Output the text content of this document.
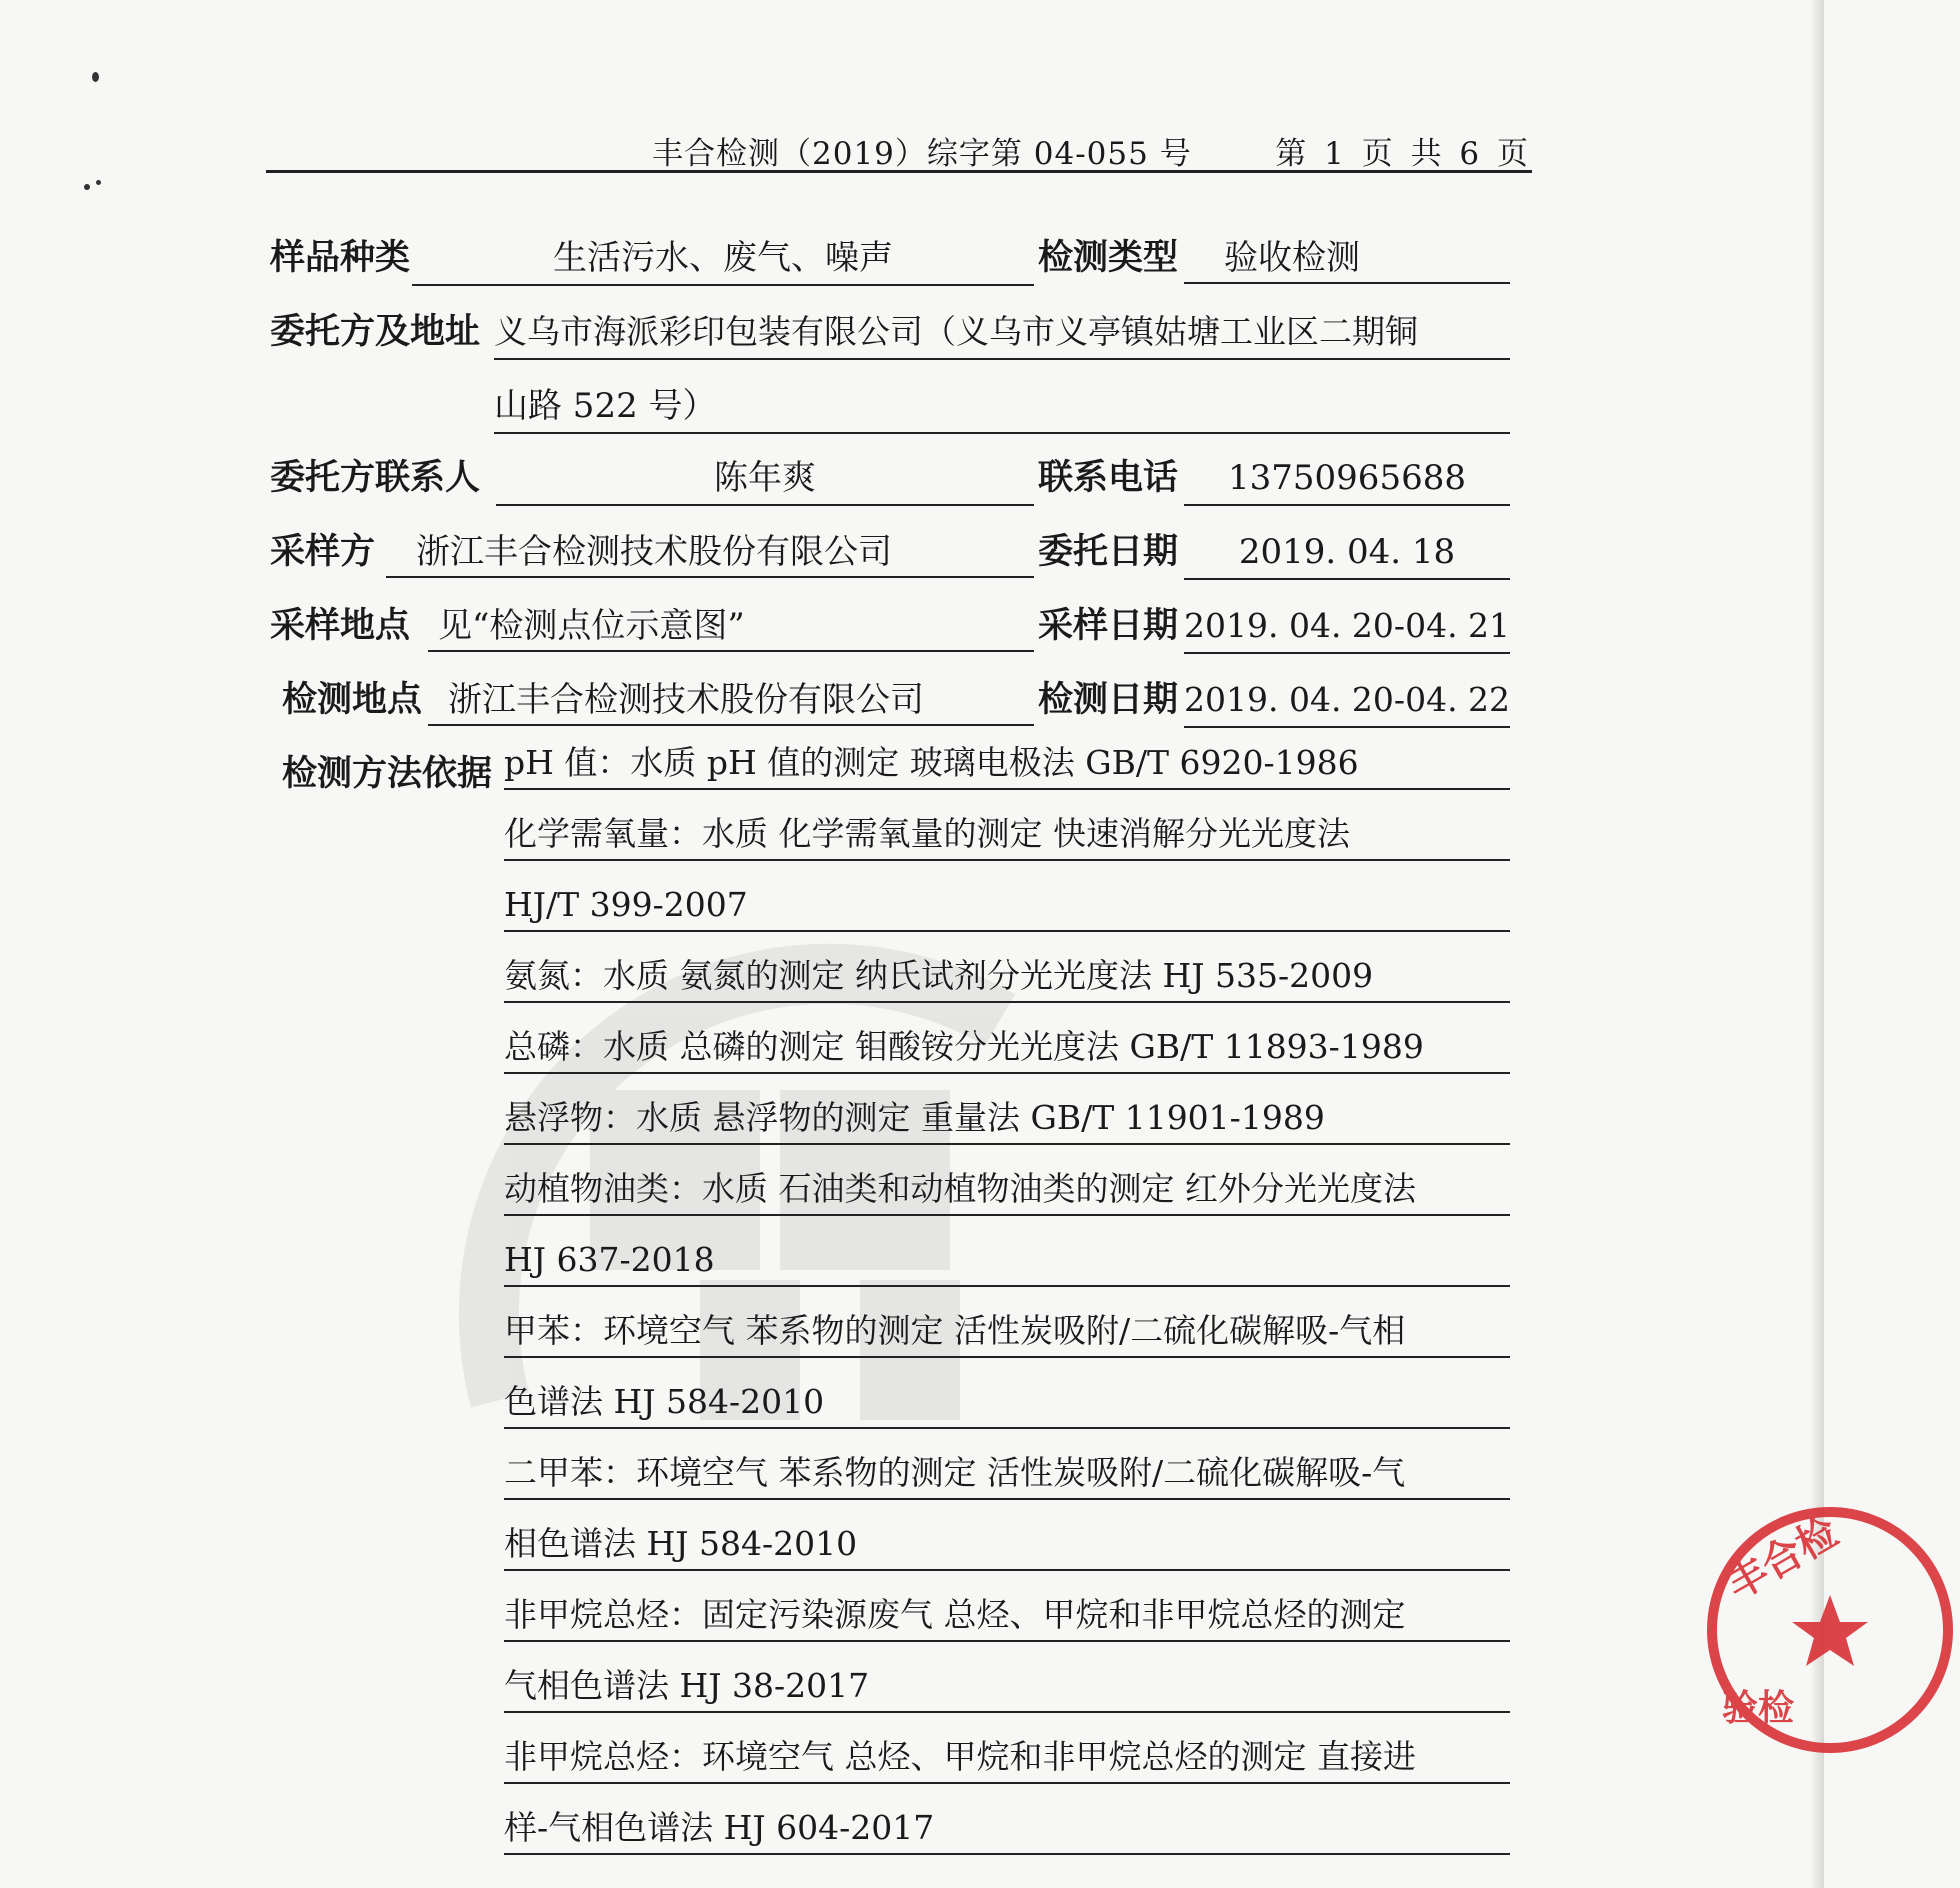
丰合检测（2019）综字第 04-055 号	第 1 页 共 6 页
样品种类	生活污水、废气、噪声	检测类型 验收检测
委托方及地址 义乌市海派彩印包装有限公司（义乌市义亭镇姑塘工业区二期铜
山路 522 号）
委托方联系人	陈年爽	联系电话	13750965688
采样方 浙江丰合检测技术股份有限公司	委托日期	2019. 04. 18
采样地点 见“检测点位示意图”	采样日期 2019. 04. 20-04. 21
检测地点 浙江丰合检测技术股份有限公司	检测日期 2019. 04. 20-04. 22
检测方法依据 pH 值：水质 pH 值的测定 玻璃电极法 GB/T 6920-1986
化学需氧量：水质 化学需氧量的测定 快速消解分光光度法
HJ/T 399-2007
氨氮：水质 氨氮的测定 纳氏试剂分光光度法 HJ 535-2009
总磷：水质 总磷的测定 钼酸铵分光光度法 GB/T 11893-1989
悬浮物：水质 悬浮物的测定 重量法 GB/T 11901-1989
动植物油类：水质 石油类和动植物油类的测定 红外分光光度法
HJ 637-2018
甲苯：环境空气 苯系物的测定 活性炭吸附/二硫化碳解吸-气相
色谱法 HJ 584-2010
二甲苯：环境空气 苯系物的测定 活性炭吸附/二硫化碳解吸-气
相色谱法 HJ 584-2010
非甲烷总烃：固定污染源废气 总烃、甲烷和非甲烷总烃的测定
气相色谱法 HJ 38-2017
非甲烷总烃：环境空气 总烃、甲烷和非甲烷总烃的测定 直接进
样-气相色谱法 HJ 604-2017
丰合检
验检
